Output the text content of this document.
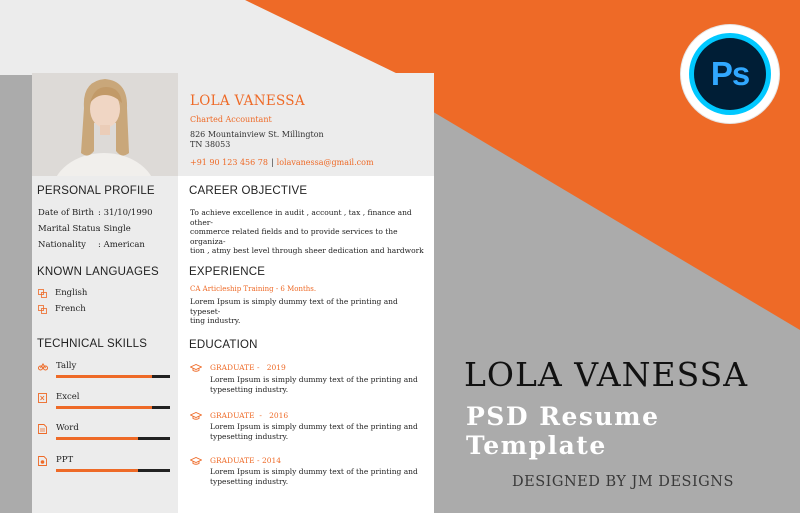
Ps
LOLA VANESSA
Charted Accountant
826 Mountainview St. Millington
TN 38053
+91 90 123 456 78 | lolavanessa@gmail.com
PERSONAL PROFILE
Date of Birth : 31/10/1990
Marital Status
: Single
Nationality : American
KNOWN LANGUAGES
English
French
TECHNICAL SKILLS
Tally
Excel
Word
PPT
CAREER OBJECTIVE
To achieve excellence in audit , account , tax , finance and other-
commerce related fields and to provide services to the organiza-
tion , atmy best level through sheer dedication and hardwork
EXPERIENCE
CA Articleship Training - 6 Months.
Lorem Ipsum is simply dummy text of the printing and typeset-
ting industry.
EDUCATION
GRADUATE -   2019
Lorem Ipsum is simply dummy text of the printing and
typesetting industry.
GRADUATE  -   2016
Lorem Ipsum is simply dummy text of the printing and
typesetting industry.
GRADUATE - 2014
Lorem Ipsum is simply dummy text of the printing and
typesetting industry.
LOLA VANESSA
PSD Resume Template
DESIGNED BY JM DESIGNS
